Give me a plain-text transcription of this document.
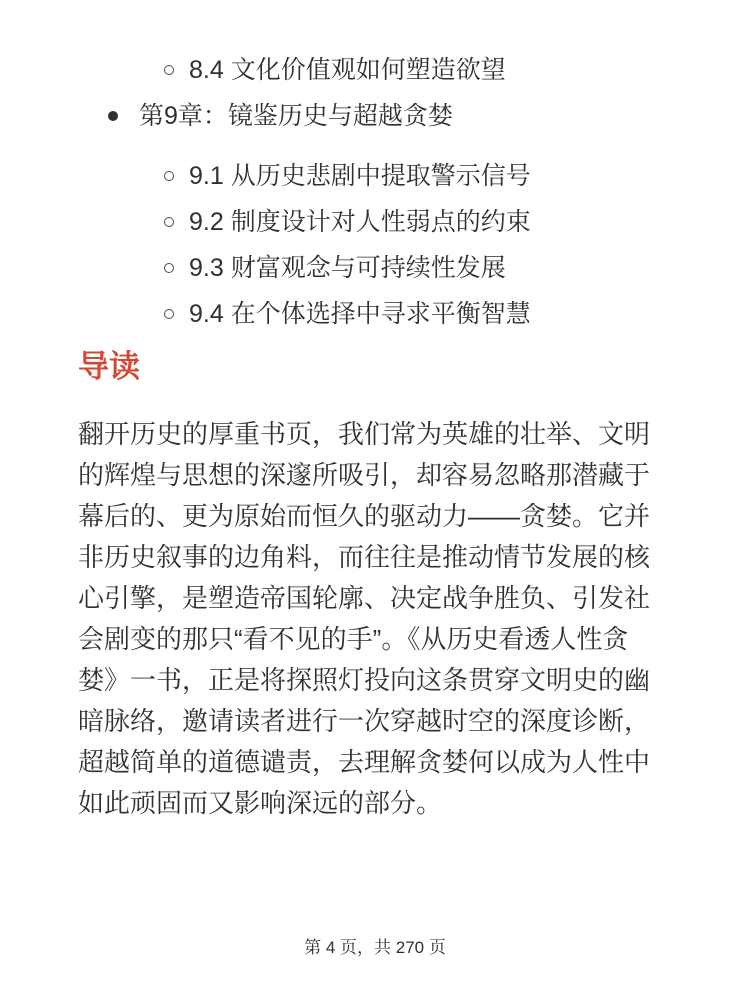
8.4 文化价值观如何塑造欲望
第9章：镜鉴历史与超越贪婪
9.1 从历史悲剧中提取警示信号
9.2 制度设计对人性弱点的约束
9.3 财富观念与可持续性发展
9.4 在个体选择中寻求平衡智慧
导读

翻开历史的厚重书页，我们常为英雄的壮举、文明的辉煌与思想的深邃所吸引，却容易忽略那潜藏于幕后的、更为原始而恒久的驱动力——贪婪。它并非历史叙事的边角料，而往往是推动情节发展的核心引擎，是塑造帝国轮廓、决定战争胜负、引发社会剧变的那只“看不见的手”。《从历史看透人性贪婪》一书，正是将探照灯投向这条贯穿文明史的幽暗脉络，邀请读者进行一次穿越时空的深度诊断，超越简单的道德谴责，去理解贪婪何以成为人性中如此顽固而又影响深远的部分。

第 4 页，共 270 页
